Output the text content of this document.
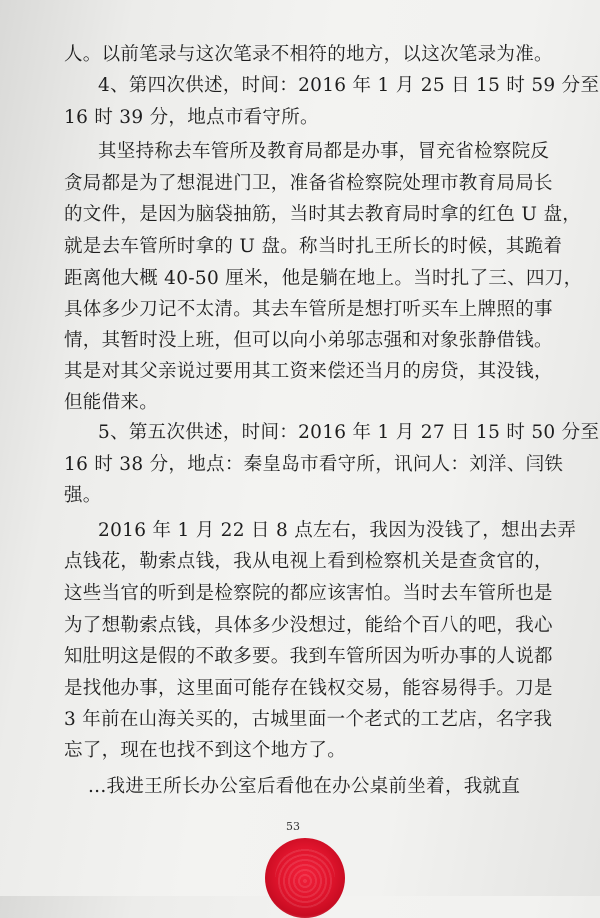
人。以前笔录与这次笔录不相符的地方，以这次笔录为准。
4、第四次供述，时间：2016 年 1 月 25 日 15 时 59 分至
16 时 39 分，地点市看守所。
其坚持称去车管所及教育局都是办事，冒充省检察院反
贪局都是为了想混进门卫，准备省检察院处理市教育局局长
的文件，是因为脑袋抽筋，当时其去教育局时拿的红色 U 盘，
就是去车管所时拿的 U 盘。称当时扎王所长的时候，其跪着
距离他大概 40-50 厘米，他是躺在地上。当时扎了三、四刀，
具体多少刀记不太清。其去车管所是想打听买车上牌照的事
情，其暂时没上班，但可以向小弟邬志强和对象张静借钱。
其是对其父亲说过要用其工资来偿还当月的房贷，其没钱，
但能借来。
5、第五次供述，时间：2016 年 1 月 27 日 15 时 50 分至
16 时 38 分，地点：秦皇岛市看守所，讯问人：刘洋、闫铁
强。
2016 年 1 月 22 日 8 点左右，我因为没钱了，想出去弄
点钱花，勒索点钱，我从电视上看到检察机关是查贪官的，
这些当官的听到是检察院的都应该害怕。当时去车管所也是
为了想勒索点钱，具体多少没想过，能给个百八的吧，我心
知肚明这是假的不敢多要。我到车管所因为听办事的人说都
是找他办事，这里面可能存在钱权交易，能容易得手。刀是
3 年前在山海关买的，古城里面一个老式的工艺店，名字我
忘了，现在也找不到这个地方了。
...我进王所长办公室后看他在办公桌前坐着，我就直
53
